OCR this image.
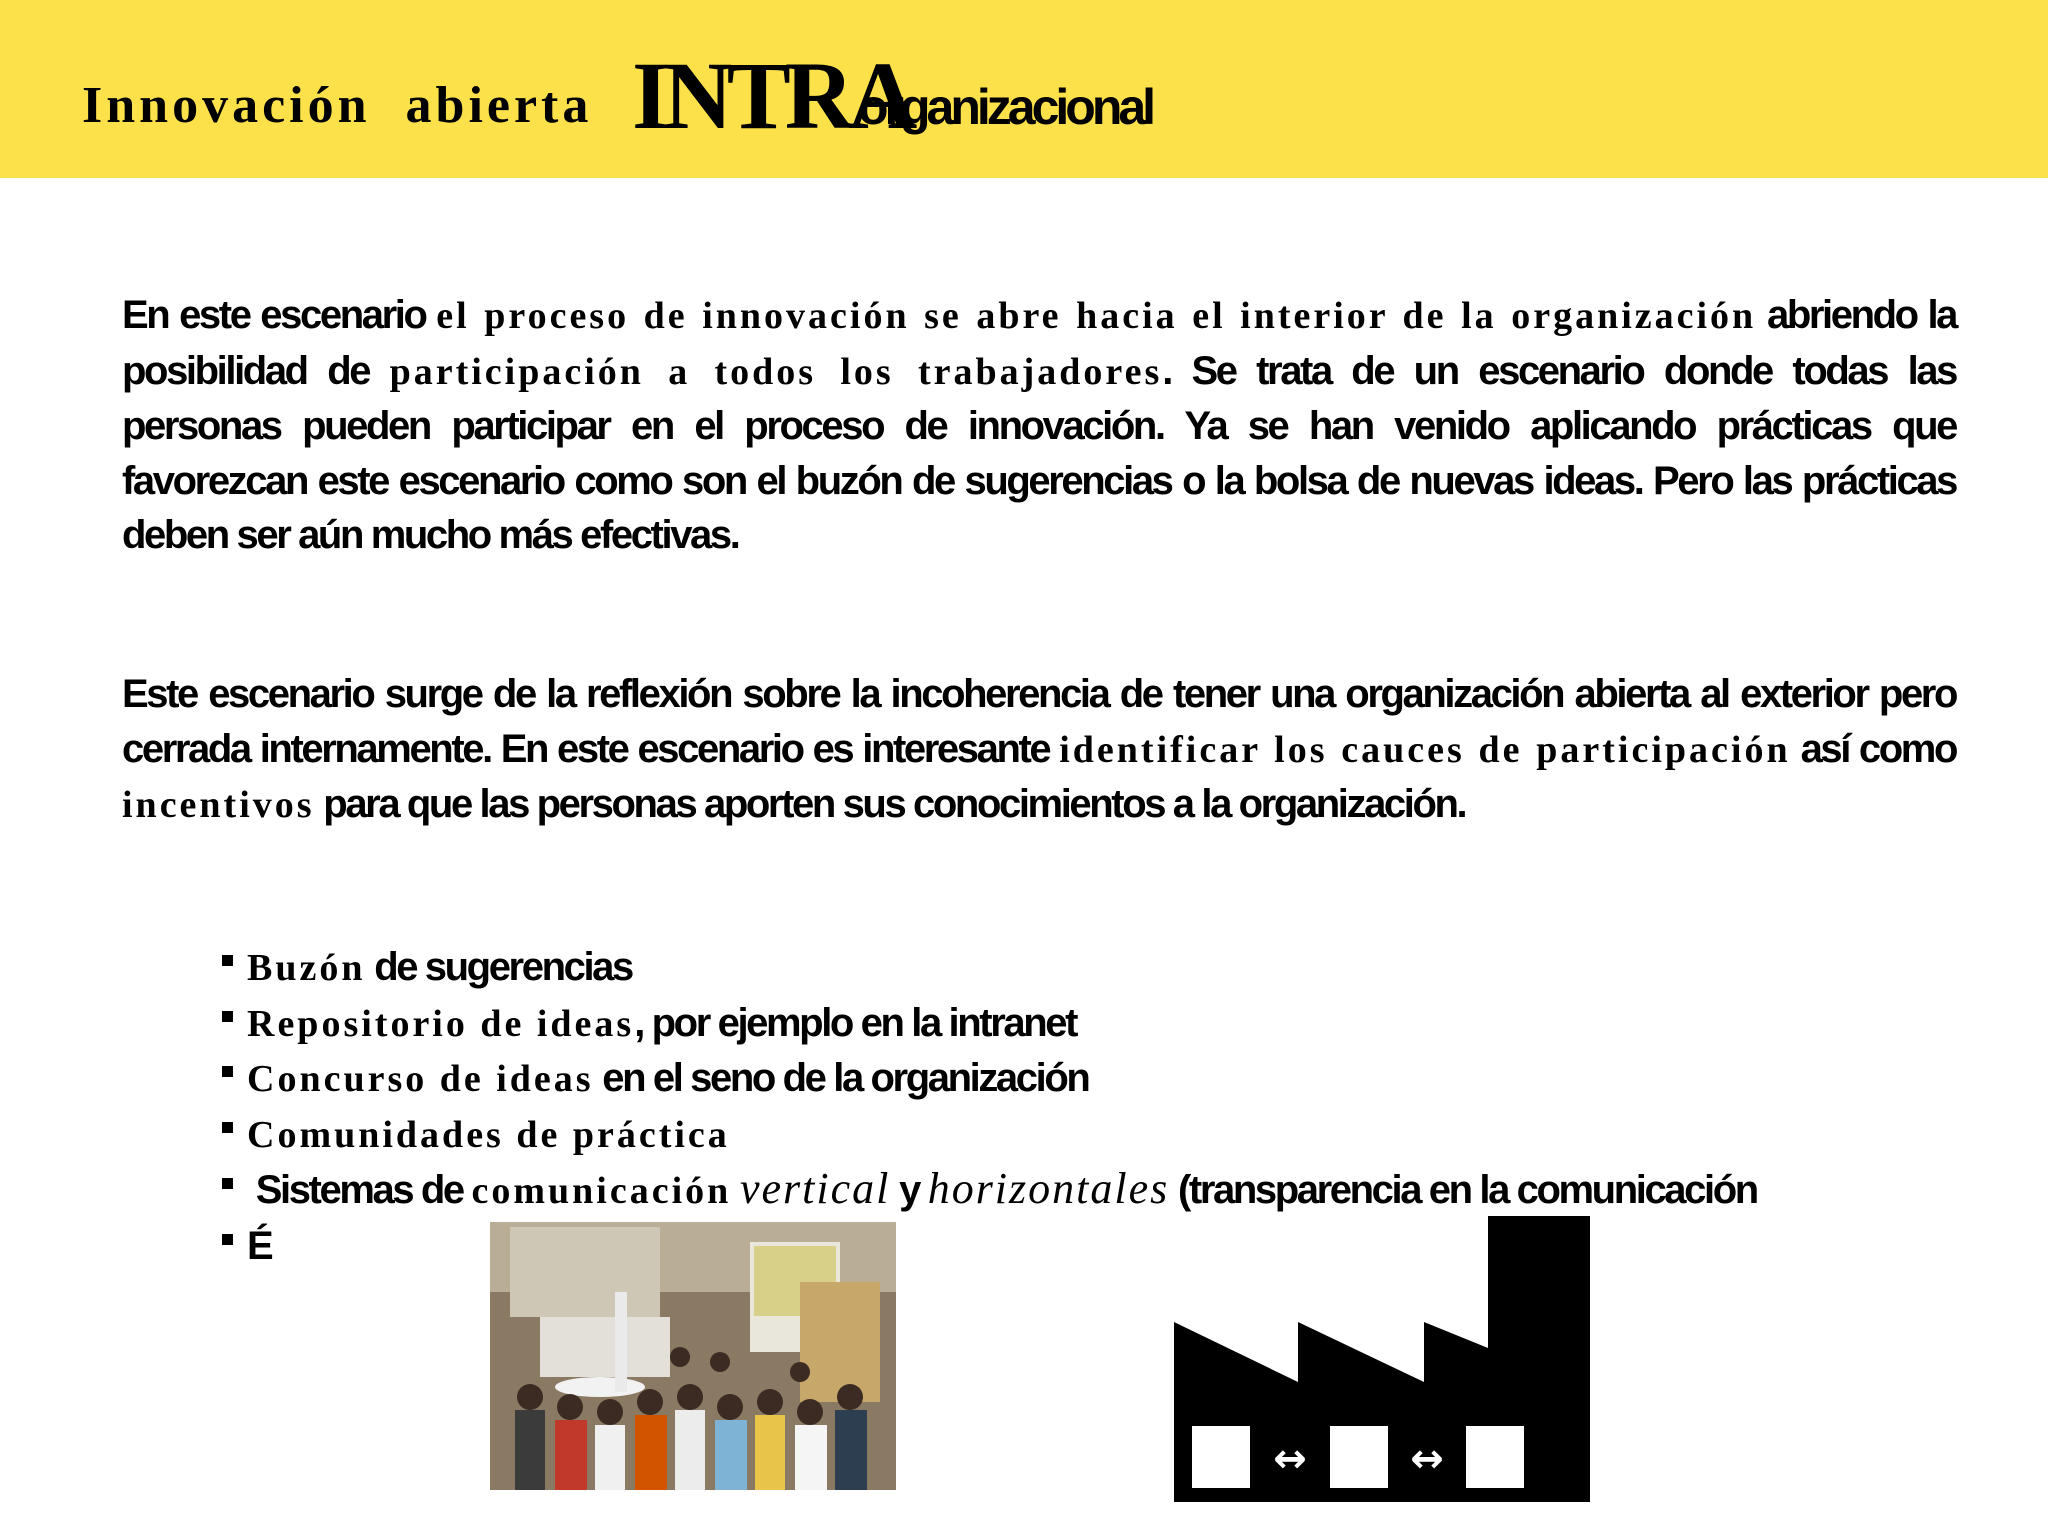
Innovación abierta INTRA
organizacional
En este escenario el proceso de innovación se abre hacia el interior de la organización abriendo la posibilidad de participación a todos los trabajadores. Se trata de un escenario donde todas las personas pueden participar en el proceso de innovación. Ya se han venido aplicando prácticas que favorezcan este escenario como son el buzón de sugerencias o la bolsa de nuevas ideas. Pero las prácticas deben ser aún mucho más efectivas.
Este escenario surge de la reflexión sobre la incoherencia de tener una organización abierta al exterior pero cerrada internamente. En este escenario es interesante identificar los cauces de participación así como incentivos para que las personas aporten sus conocimientos a la organización.
Buzón de sugerencias
Repositorio de ideas, por ejemplo en la intranet
Concurso de ideas en el seno de la organización
Comunidades de práctica
Sistemas de comunicación vertical y horizontales (transparencia en la comunicación
É
↔	↔
